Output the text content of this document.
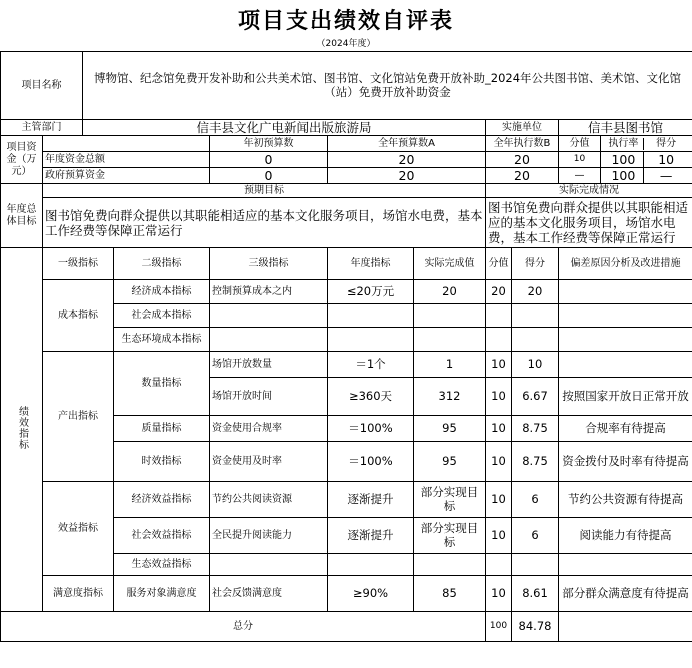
项目支出绩效自评表
（2024年度）
项目名称		博物馆、纪念馆免费开发补助和公共美术馆、图书馆、文化馆站免费开放补助_2024年公共图书馆、美术馆、文化馆（站）免费开放补助资金								
主管部门		信丰县文化广电新闻出版旅游局					实施单位		信丰县图书馆	
项目资金（万元）				年初预算数	全年预算数A		全年执行数B		分值	执行率 得分
	年度资金总额			0	20		20		10	100 10
	政府预算资金			0	20		20		—	100 —
年度总体目标	预期目标						实际完成情况			
	图书馆免费向群众提供以其职能相适应的基本文化服务项目，场馆水电费，基本工作经费等保障正常运行						图书馆免费向群众提供以其职能相适应的基本文化服务项目，场馆水电费，基本工作经费等保障正常运行			
绩效指标	一级指标		二级指标	三级指标	年度指标	实际完成值	分值	得分	偏差原因分析及改进措施	
	成本指标		经济成本指标	控制预算成本之内	≤20万元	20	20	20		
			社会成本指标							
			生态环境成本指标							
	产出指标		数量指标	场馆开放数量	＝1个	1	10	10		
				场馆开放时间	≥360天	312	10	6.67	按照国家开放日正常开放	
			质量指标	资金使用合规率	＝100%	95	10	8.75	合规率有待提高	
			时效指标	资金使用及时率	＝100%	95	10	8.75	资金拨付及时率有待提高	
	效益指标		经济效益指标	节约公共阅读资源	逐渐提升	部分实现目标	10	6	节约公共资源有待提高	
			社会效益指标	全民提升阅读能力	逐渐提升	部分实现目标	10	6	阅读能力有待提高	
			生态效益指标							
	满意度指标		服务对象满意度	社会反馈满意度	≥90%	85	10	8.61	部分群众满意度有待提高	
总分							100	84.78		
